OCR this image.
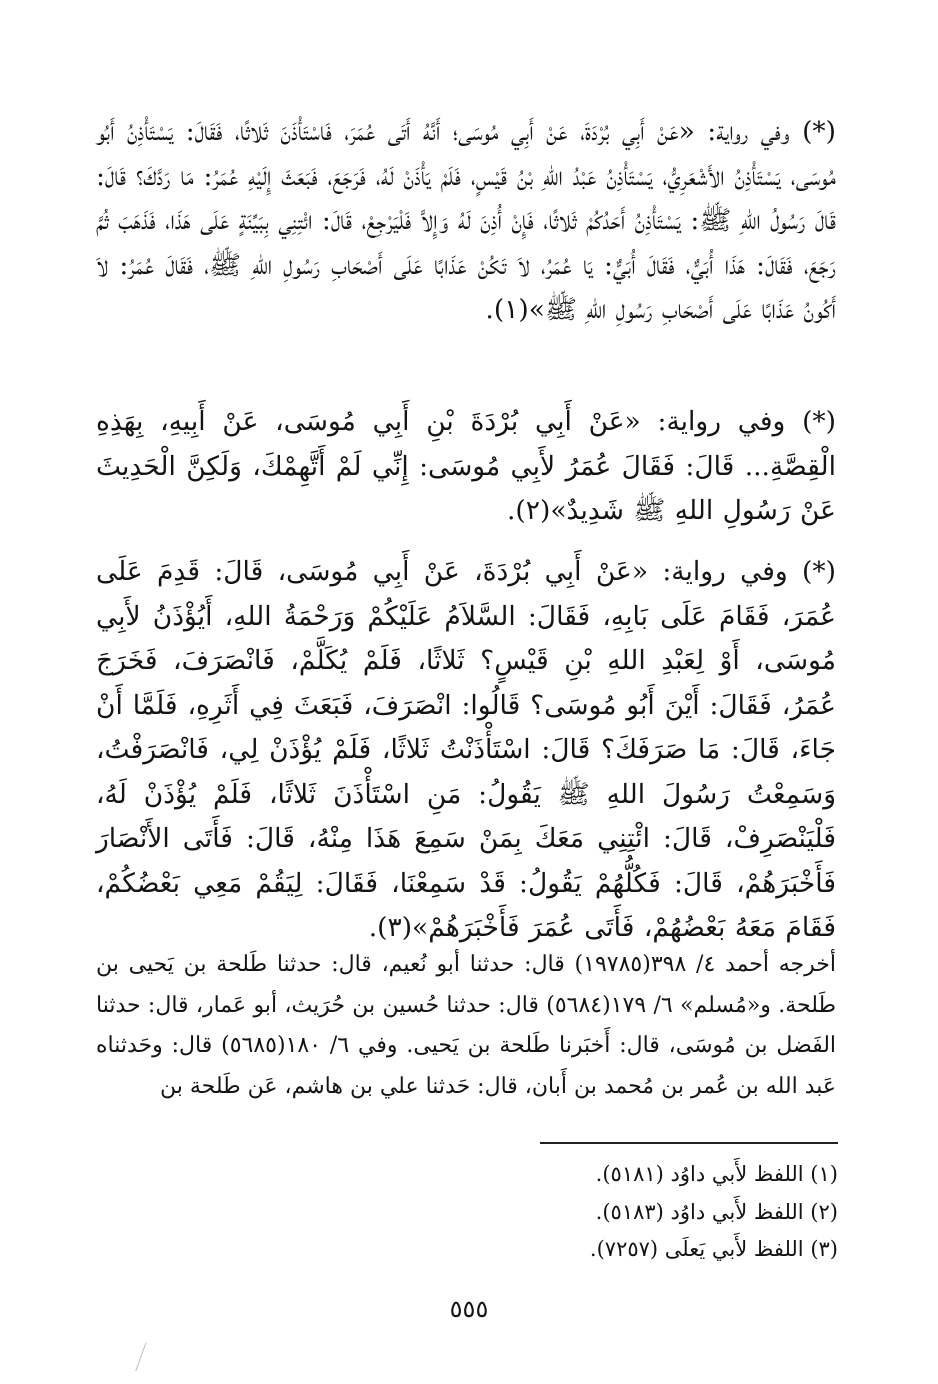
(*) وفي رواية: «عَنْ أَبِي بُرْدَةَ، عَنْ أَبِي مُوسَى؛ أَنَّهُ أَتَى عُمَرَ، فَاسْتَأْذَنَ ثَلاثًا، فَقَالَ: يَسْتَأْذِنُ أَبُو مُوسَى، يَسْتَأْذِنُ الأَشْعَرِيُّ، يَسْتَأْذِنُ عَبْدُ اللهِ بْنُ قَيْسٍ، فَلَمْ يَأْذَنْ لَهُ، فَرَجَعَ، فَبَعَثَ إِلَيْهِ عُمَرُ: مَا رَدَّكَ؟ قَالَ: قَالَ رَسُولُ اللهِ ﷺ: يَسْتَأْذِنُ أَحَدُكُمْ ثَلاثًا، فَإِنْ أُذِنَ لَهُ وَإِلاَّ فَلْيَرْجِعْ، قَالَ: ائْتِنِي بِبَيِّنَةٍ عَلَى هَذَا، فَذَهَبَ ثُمَّ رَجَعَ، فَقَالَ: هَذَا أُبَيٌّ، فَقَالَ أُبَيٌّ: يَا عُمَرُ، لاَ تَكُنْ عَذَابًا عَلَى أَصْحَابِ رَسُولِ اللهِ ﷺ، فَقَالَ عُمَرُ: لاَ أَكُونُ عَذَابًا عَلَى أَصْحَابِ رَسُولِ اللهِ ﷺ»(١).

(*) وفي رواية: «عَنْ أَبِي بُرْدَةَ بْنِ أَبِي مُوسَى، عَنْ أَبِيهِ، بِهَذِهِ الْقِصَّةِ... قَالَ: فَقَالَ عُمَرُ لأَبِي مُوسَى: إِنِّي لَمْ أَتَّهِمْكَ، وَلَكِنَّ الْحَدِيثَ عَنْ رَسُولِ اللهِ ﷺ شَدِيدٌ»(٢).

(*) وفي رواية: «عَنْ أَبِي بُرْدَةَ، عَنْ أَبِي مُوسَى، قَالَ: قَدِمَ عَلَى عُمَرَ، فَقَامَ عَلَى بَابِهِ، فَقَالَ: السَّلاَمُ عَلَيْكُمْ وَرَحْمَةُ اللهِ، أَيُؤْذَنُ لأَبِي مُوسَى، أَوْ لِعَبْدِ اللهِ بْنِ قَيْسٍ؟ ثَلاثًا، فَلَمْ يُكَلَّمْ، فَانْصَرَفَ، فَخَرَجَ عُمَرُ، فَقَالَ: أَيْنَ أَبُو مُوسَى؟ قَالُوا: انْصَرَفَ، فَبَعَثَ فِي أَثَرِهِ، فَلَمَّا أَنْ جَاءَ، قَالَ: مَا صَرَفَكَ؟ قَالَ: اسْتَأْذَنْتُ ثَلاثًا، فَلَمْ يُؤْذَنْ لِي، فَانْصَرَفْتُ، وَسَمِعْتُ رَسُولَ اللهِ ﷺ يَقُولُ: مَنِ اسْتَأْذَنَ ثَلاثًا، فَلَمْ يُؤْذَنْ لَهُ، فَلْيَنْصَرِفْ، قَالَ: ائْتِنِي مَعَكَ بِمَنْ سَمِعَ هَذَا مِنْهُ، قَالَ: فَأَتَى الأَنْصَارَ فَأَخْبَرَهُمْ، قَالَ: فَكُلُّهُمْ يَقُولُ: قَدْ سَمِعْنَا، فَقَالَ: لِيَقُمْ مَعِي بَعْضُكُمْ، فَقَامَ مَعَهُ بَعْضُهُمْ، فَأَتَى عُمَرَ فَأَخْبَرَهُمْ»(٣).

أخرجه أحمد ٤/ ٣٩٨(١٩٧٨٥) قال: حدثنا أبو نُعيم، قال: حدثنا طَلحة بن يَحيى بن طَلحة. و«مُسلم» ٦/ ١٧٩(٥٦٨٤) قال: حدثنا حُسين بن حُرَيث، أبو عَمار، قال: حدثنا الفَضل بن مُوسَى، قال: أَخبَرنا طَلحة بن يَحيى. وفي ٦/ ١٨٠(٥٦٨٥) قال: وحَدثناه عَبد الله بن عُمر بن مُحمد بن أَبان، قال: حَدثنا علي بن هاشم، عَن طَلحة بن

(١) اللفظ لأَبي داوُد (٥١٨١).
(٢) اللفظ لأَبي داوُد (٥١٨٣).
(٣) اللفظ لأَبي يَعلَى (٧٢٥٧).
٥٥٥
